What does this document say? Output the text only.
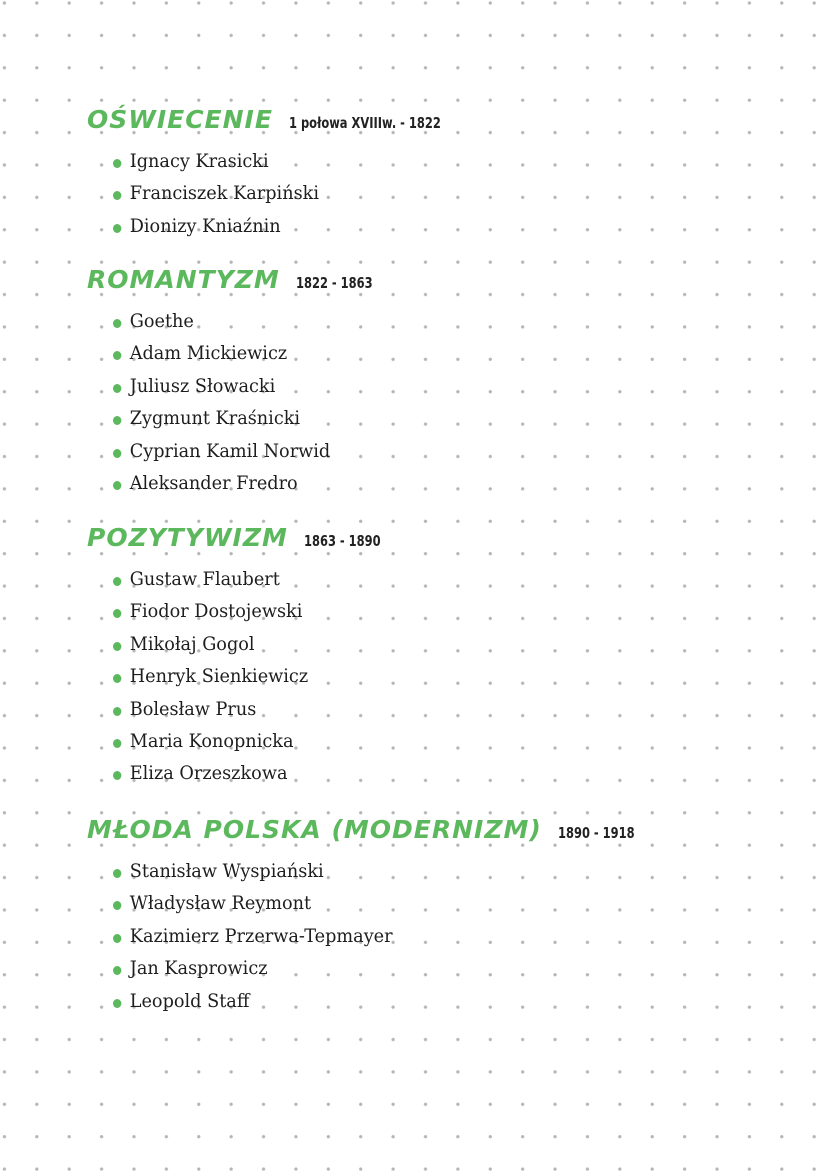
OŚWIECENIE 1 połowa XVIIIw. - 1822
Ignacy Krasicki
Franciszek Karpiński
Dionizy Kniaźnin
ROMANTYZM 1822 - 1863
Goethe
Adam Mickiewicz
Juliusz Słowacki
Zygmunt Kraśnicki
Cyprian Kamil Norwid
Aleksander Fredro
POZYTYWIZM 1863 - 1890
Gustaw Flaubert
Fiodor Dostojewski
Mikołaj Gogol
Henryk Sienkiewicz
Bolesław Prus
Maria Konopnicka
Eliza Orzeszkowa
MŁODA POLSKA (MODERNIZM) 1890 - 1918
Stanisław Wyspiański
Władysław Reymont
Kazimierz Przerwa-Tepmayer
Jan Kasprowicz
Leopold Staff
